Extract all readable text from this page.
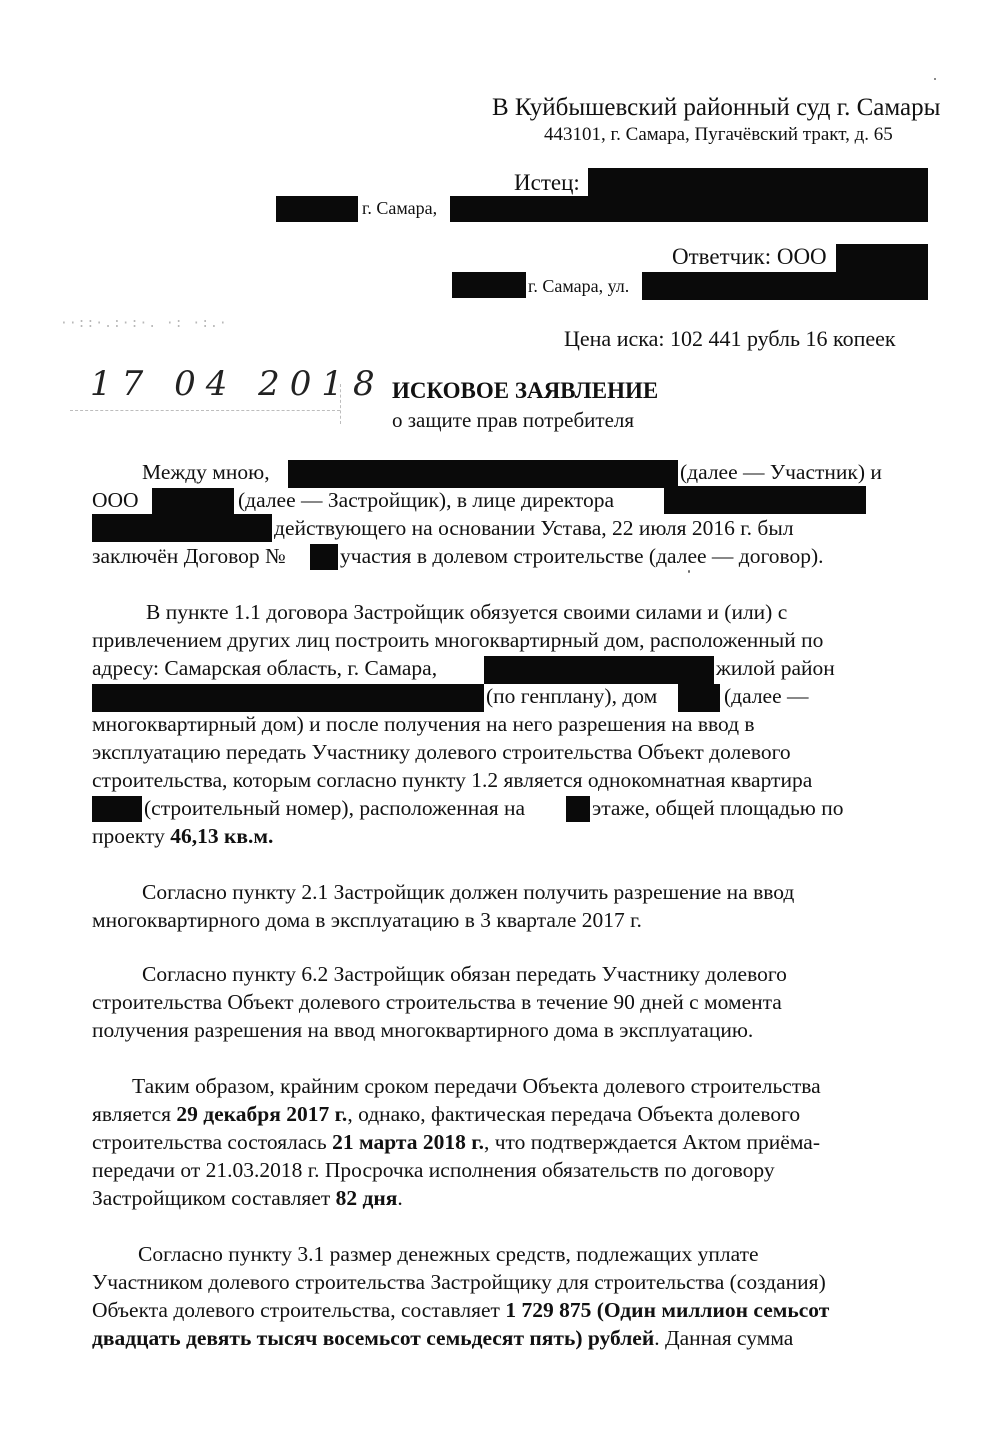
В Куйбышевский районный суд г. Самары
443101, г. Самара, Пугачёвский тракт, д. 65
Истец:
г. Самара,
Ответчик: ООО
г. Самара, ул.
Цена иска: 102 441 рубль 16 копеек
··::·.:·:·. ·: ·:.·
17 04 2018 ИСКОВОЕ ЗАЯВЛЕНИЕ
о защите прав потребителя
Между мною,	(далее — Участник) и
ООО	(далее — Застройщик), в лице директора
действующего на основании Устава, 22 июля 2016 г. был
заключён Договор №	участия в долевом строительстве (далее — договор).
В пункте 1.1 договора Застройщик обязуется своими силами и (или) с
привлечением других лиц построить многоквартирный дом, расположенный по
адресу: Самарская область, г. Самара,	жилой район
(по генплану), дом	(далее —
многоквартирный дом) и после получения на него разрешения на ввод в
эксплуатацию передать Участнику долевого строительства Объект долевого
строительства, которым согласно пункту 1.2 является однокомнатная квартира
(строительный номер), расположенная на	этаже, общей площадью по
проекту 46,13 кв.м.
Согласно пункту 2.1 Застройщик должен получить разрешение на ввод
многоквартирного дома в эксплуатацию в 3 квартале 2017 г.
Согласно пункту 6.2 Застройщик обязан передать Участнику долевого
строительства Объект долевого строительства в течение 90 дней с момента
получения разрешения на ввод многоквартирного дома в эксплуатацию.
Таким образом, крайним сроком передачи Объекта долевого строительства
является 29 декабря 2017 г., однако, фактическая передача Объекта долевого
строительства состоялась 21 марта 2018 г., что подтверждается Актом приёма-
передачи от 21.03.2018 г. Просрочка исполнения обязательств по договору
Застройщиком составляет 82 дня.
Согласно пункту 3.1 размер денежных средств, подлежащих уплате
Участником долевого строительства Застройщику для строительства (создания)
Объекта долевого строительства, составляет 1 729 875 (Один миллион семьсот
двадцать девять тысяч восемьсот семьдесят пять) рублей. Данная сумма
